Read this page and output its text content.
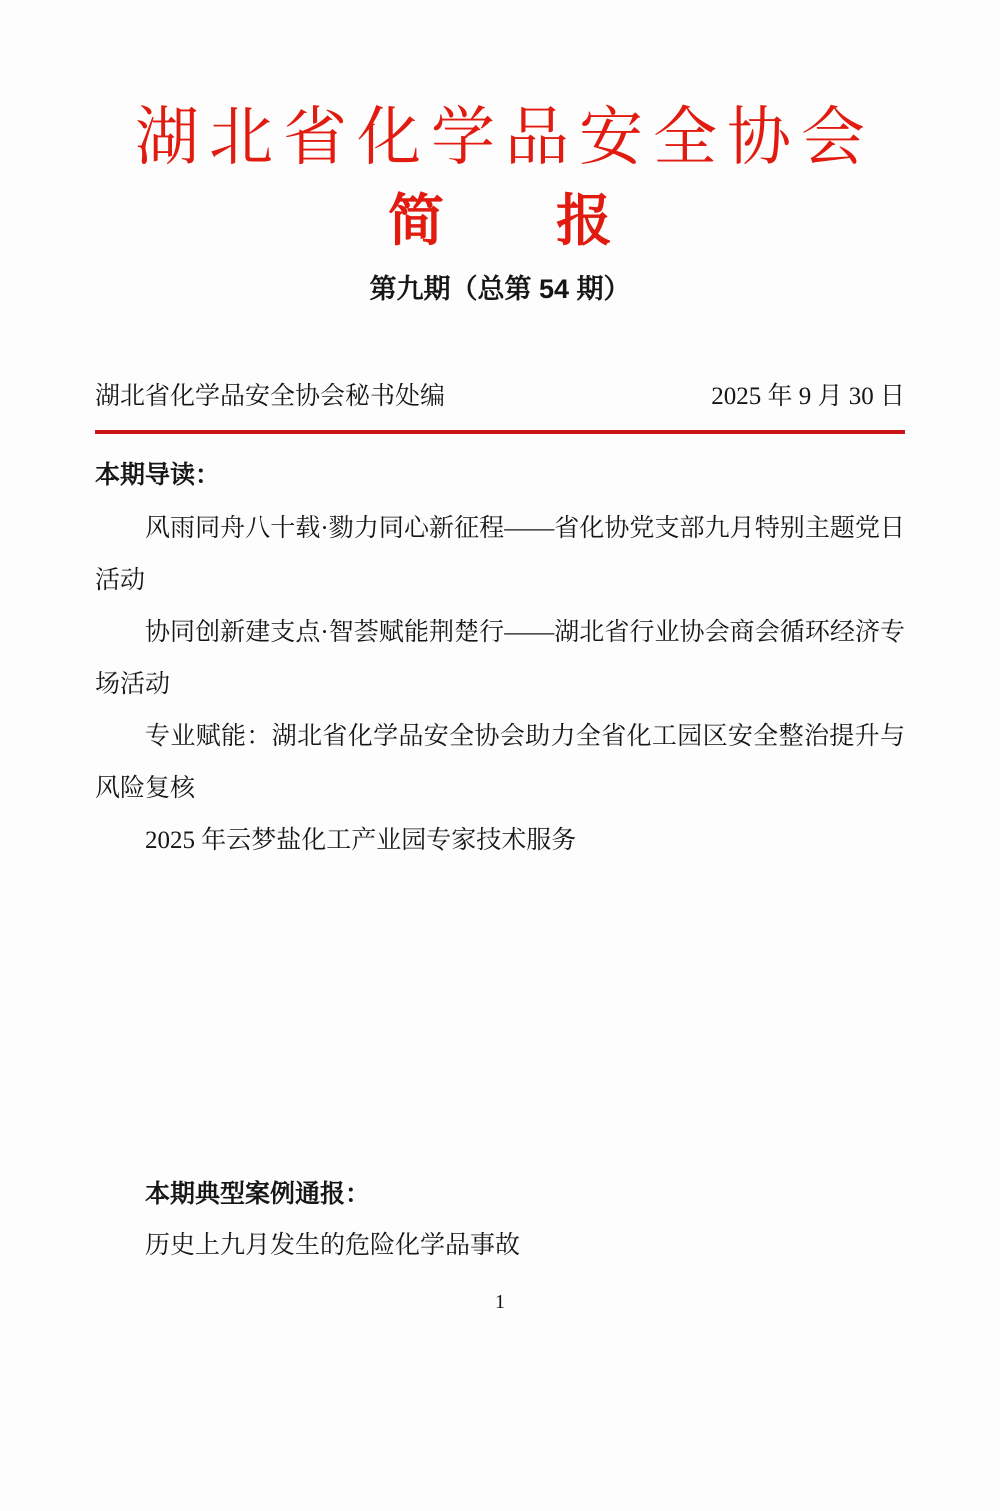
湖北省化学品安全协会
简　　报
第九期（总第 54 期）
湖北省化学品安全协会秘书处编	2025 年 9 月 30 日
本期导读：

风雨同舟八十载·勠力同心新征程——省化协党支部九月特别主题党日活动

协同创新建支点·智荟赋能荆楚行——湖北省行业协会商会循环经济专场活动

专业赋能：湖北省化学品安全协会助力全省化工园区安全整治提升与风险复核

2025 年云梦盐化工产业园专家技术服务

本期典型案例通报：

历史上九月发生的危险化学品事故

1
